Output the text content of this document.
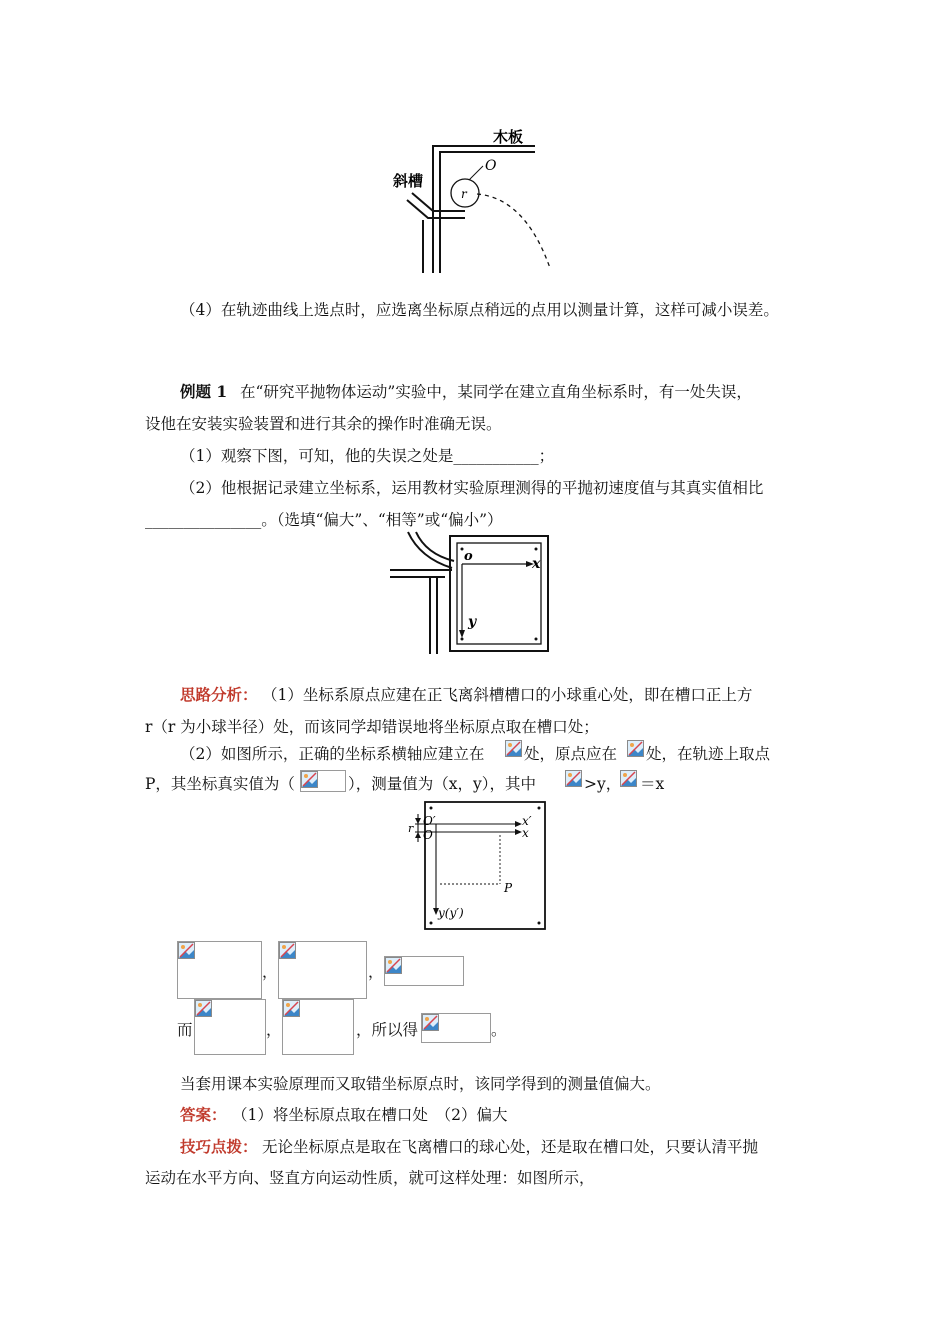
木板
斜槽
O
r
（4）在轨迹曲线上选点时，应选离坐标原点稍远的点用以测量计算，这样可减小误差。
例题 1 在“研究平抛物体运动”实验中，某同学在建立直角坐标系时，有一处失误，
设他在安装实验装置和进行其余的操作时准确无误。
（1）观察下图，可知，他的失误之处是___________；
（2）他根据记录建立坐标系，运用教材实验原理测得的平抛初速度值与其真实值相比
_______________。（选填“偏大”、“相等”或“偏小”）
o	x
y
思路分析： （1）坐标系原点应建在正飞离斜槽槽口的小球重心处，即在槽口正上方
r（r 为小球半径）处，而该同学却错误地将坐标原点取在槽口处；
（2）如图所示，正确的坐标系横轴应建立在	处，原点应在 处，在轨迹上取点
P，其坐标真实值为（	），测量值为（x，y），其中	>y， ＝x
O′
O
r
x′
x
P
y(y′)
，	，
而	，	，所以得	。
当套用课本实验原理而又取错坐标原点时，该同学得到的测量值偏大。
答案： （1）将坐标原点取在槽口处　（2）偏大
技巧点拨： 无论坐标原点是取在飞离槽口的球心处，还是取在槽口处，只要认清平抛
运动在水平方向、竖直方向运动性质，就可这样处理：如图所示，
